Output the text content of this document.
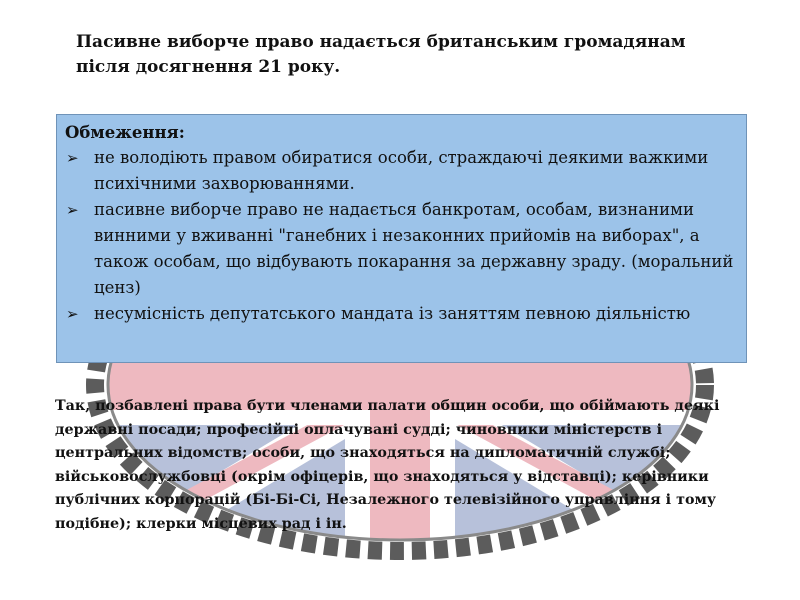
Пасивне виборче право надається британським громадянам після досягнення 21 року.

Обмеження:
➢ не володіють правом обиратися особи, страждаючі деякими важкими психічними захворюваннями.
➢ пасивне виборче право не надається банкротам, особам, визнаними винними у вживанні "ганебних і незаконних прийомів на виборах", а також особам, що відбувають покарання за державну зраду. (моральний ценз)
➢ несумісність депутатського мандата із заняттям певною діяльністю

Так, позбавлені права бути членами палати общин особи, що обіймають деякі державні посади; професійні оплачувані судді; чиновники міністерств і центральних відомств; особи, що знаходяться на дипломатичній службі; військовослужбовці (окрім офіцерів, що знаходяться у відставці); керівники публічних корпорацій (Бі-Бі-Сі, Незалежного телевізійного управління і тому подібне); клерки місцевих рад і ін.
